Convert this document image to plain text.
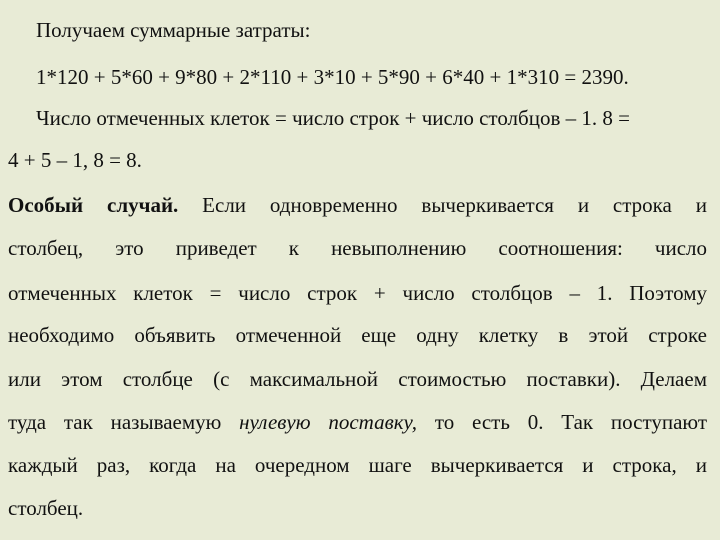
Получаем суммарные затраты:
1*120 + 5*60 + 9*80 + 2*110 + 3*10 + 5*90 + 6*40 + 1*310 = 2390.
Число отмеченных клеток = число строк + число столбцов – 1. 8 =
4 + 5 – 1, 8 = 8.
Особый случай. Если одновременно вычеркивается и строка и
столбец, это приведет к невыполнению соотношения: число
отмеченных клеток = число строк + число столбцов – 1. Поэтому
необходимо объявить отмеченной еще одну клетку в этой строке
или этом столбце (с максимальной стоимостью поставки). Делаем
туда так называемую нулевую поставку, то есть 0. Так поступают
каждый раз, когда на очередном шаге вычеркивается и строка, и
столбец.
